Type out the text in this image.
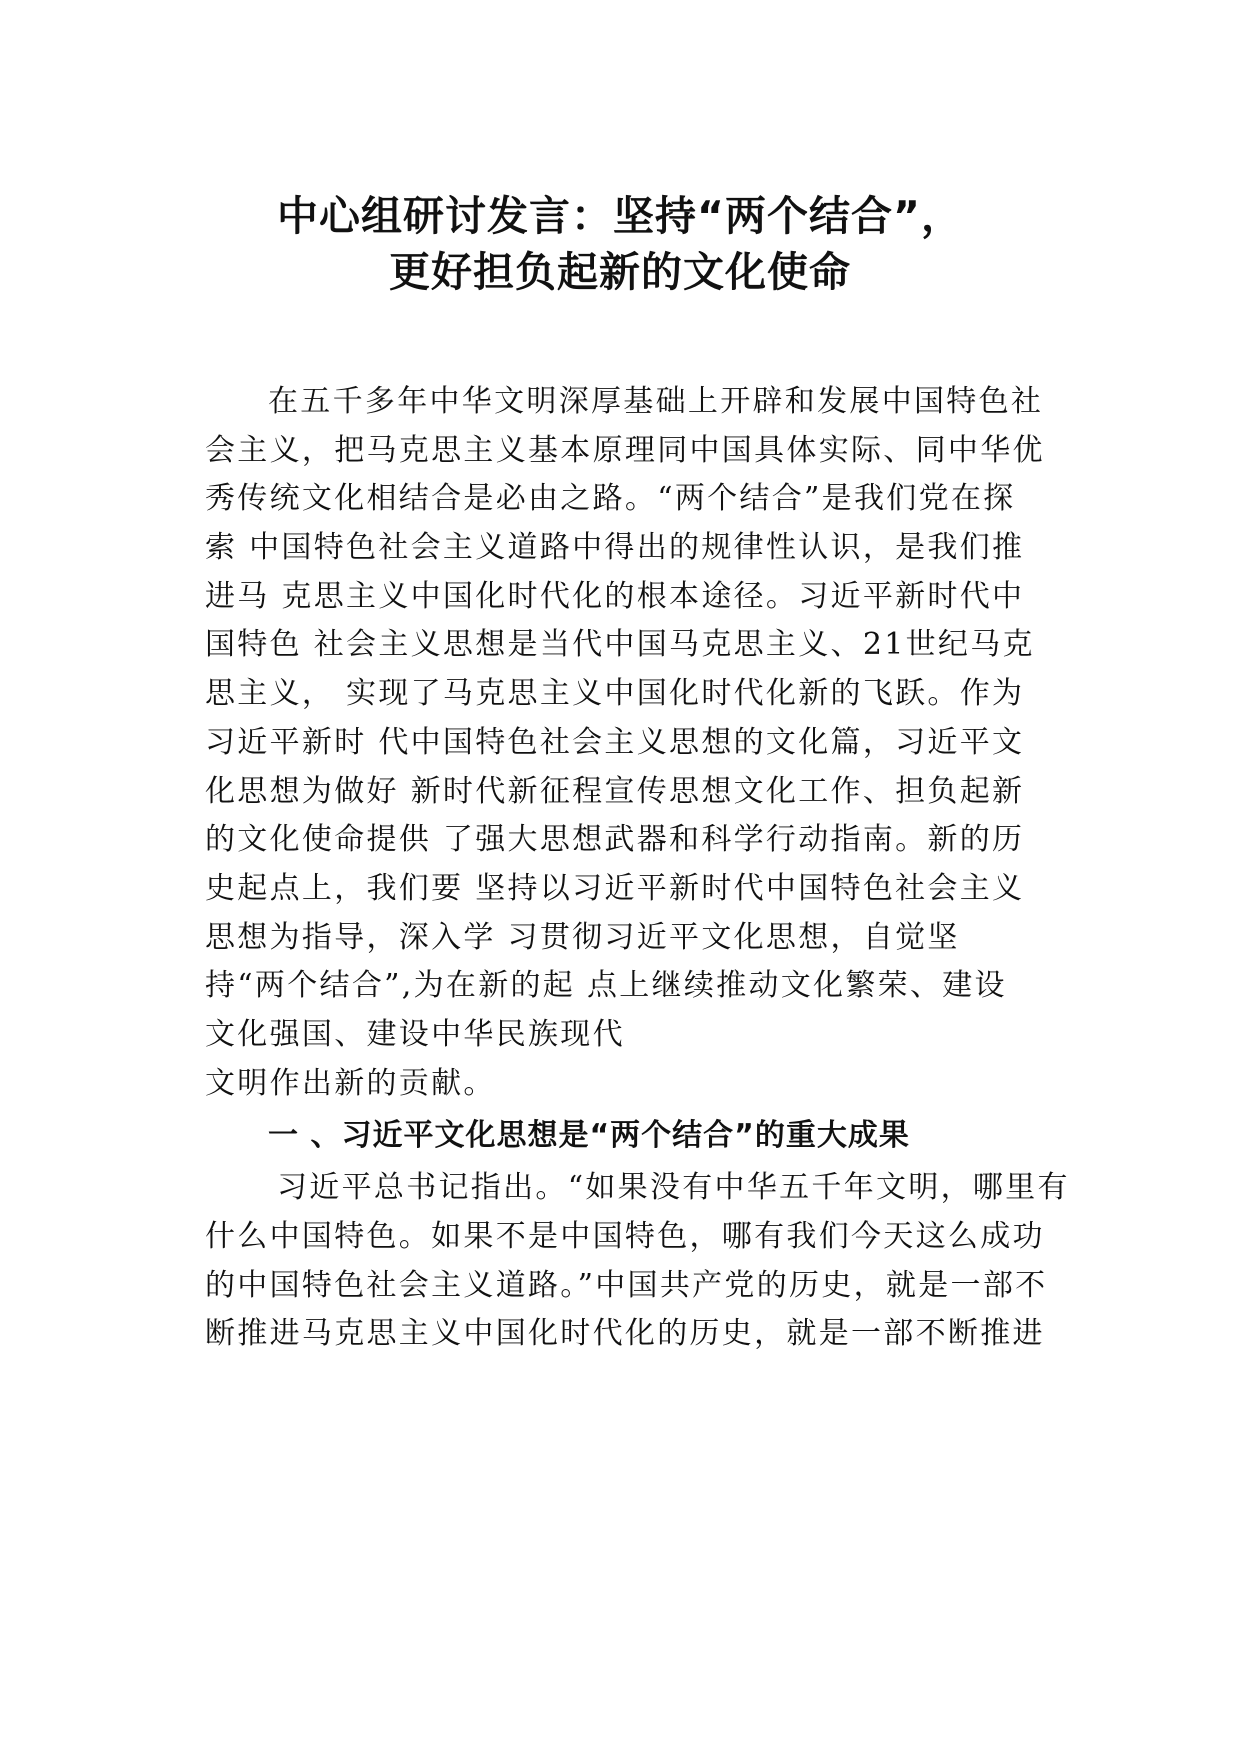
中心组研讨发言：坚持“两个结合”，
更好担负起新的文化使命
在五千多年中华文明深厚基础上开辟和发展中国特色社
会主义，把马克思主义基本原理同中国具体实际、同中华优
秀传统文化相结合是必由之路。“两个结合”是我们党在探
索 中国特色社会主义道路中得出的规律性认识，是我们推
进马 克思主义中国化时代化的根本途径。习近平新时代中
国特色 社会主义思想是当代中国马克思主义、21世纪马克
思主义， 实现了马克思主义中国化时代化新的飞跃。作为
习近平新时 代中国特色社会主义思想的文化篇，习近平文
化思想为做好 新时代新征程宣传思想文化工作、担负起新
的文化使命提供 了强大思想武器和科学行动指南。新的历
史起点上，我们要 坚持以习近平新时代中国特色社会主义
思想为指导，深入学 习贯彻习近平文化思想，自觉坚
持“两个结合”,为在新的起 点上继续推动文化繁荣、建设
文化强国、建设中华民族现代
文明作出新的贡献。
一 、习近平文化思想是“两个结合”的重大成果
习近平总书记指出。“如果没有中华五千年文明，哪里有
什么中国特色。如果不是中国特色，哪有我们今天这么成功
的中国特色社会主义道路。”中国共产党的历史，就是一部不
断推进马克思主义中国化时代化的历史，就是一部不断推进
